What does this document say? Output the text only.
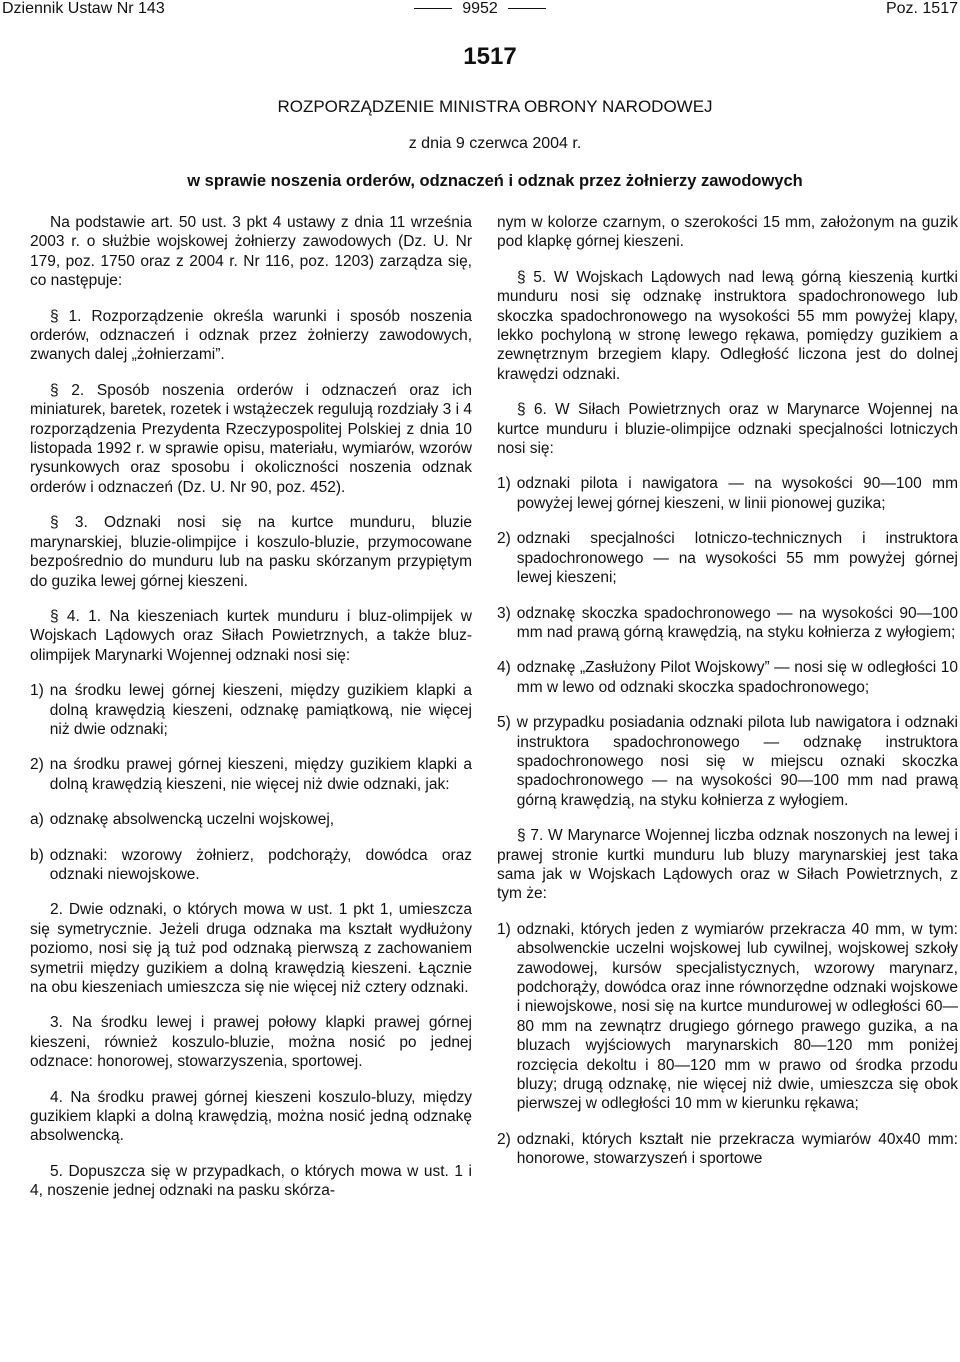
Dziennik Ustaw Nr 143	9952	Poz. 1517
1517
ROZPORZĄDZENIE MINISTRA OBRONY NARODOWEJ
z dnia 9 czerwca 2004 r.
w sprawie noszenia orderów, odznaczeń i odznak przez żołnierzy zawodowych

Na podstawie art. 50 ust. 3 pkt 4 ustawy z dnia 11 września 2003 r. o służbie wojskowej żołnierzy zawodowych (Dz. U. Nr 179, poz. 1750 oraz z 2004 r. Nr 116, poz. 1203) zarządza się, co następuje:

§ 1. Rozporządzenie określa warunki i sposób noszenia orderów, odznaczeń i odznak przez żołnierzy zawodowych, zwanych dalej „żołnierzami”.

§ 2. Sposób noszenia orderów i odznaczeń oraz ich miniaturek, baretek, rozetek i wstążeczek regulują rozdziały 3 i 4 rozporządzenia Prezydenta Rzeczypospolitej Polskiej z dnia 10 listopada 1992 r. w sprawie opisu, materiału, wymiarów, wzorów rysunkowych oraz sposobu i okoliczności noszenia odznak orderów i odznaczeń (Dz. U. Nr 90, poz. 452).

§ 3. Odznaki nosi się na kurtce munduru, bluzie marynarskiej, bluzie-olimpijce i koszulo-bluzie, przymocowane bezpośrednio do munduru lub na pasku skórzanym przypiętym do guzika lewej górnej kieszeni.

§ 4. 1. Na kieszeniach kurtek munduru i bluz-olimpijek w Wojskach Lądowych oraz Siłach Powietrznych, a także bluz-olimpijek Marynarki Wojennej odznaki nosi się:

1) na środku lewej górnej kieszeni, między guzikiem klapki a dolną krawędzią kieszeni, odznakę pamiątkową, nie więcej niż dwie odznaki;
2) na środku prawej górnej kieszeni, między guzikiem klapki a dolną krawędzią kieszeni, nie więcej niż dwie odznaki, jak:
a) odznakę absolwencką uczelni wojskowej,
b) odznaki: wzorowy żołnierz, podchorąży, dowódca oraz odznaki niewojskowe.

2. Dwie odznaki, o których mowa w ust. 1 pkt 1, umieszcza się symetrycznie. Jeżeli druga odznaka ma kształt wydłużony poziomo, nosi się ją tuż pod odznaką pierwszą z zachowaniem symetrii między guzikiem a dolną krawędzią kieszeni. Łącznie na obu kieszeniach umieszcza się nie więcej niż cztery odznaki.

3. Na środku lewej i prawej połowy klapki prawej górnej kieszeni, również koszulo-bluzie, można nosić po jednej odznace: honorowej, stowarzyszenia, sportowej.

4. Na środku prawej górnej kieszeni koszulo-bluzy, między guzikiem klapki a dolną krawędzią, można nosić jedną odznakę absolwencką.

5. Dopuszcza się w przypadkach, o których mowa w ust. 1 i 4, noszenie jednej odznaki na pasku skórza-

nym w kolorze czarnym, o szerokości 15 mm, założonym na guzik pod klapkę górnej kieszeni.

§ 5. W Wojskach Lądowych nad lewą górną kieszenią kurtki munduru nosi się odznakę instruktora spadochronowego lub skoczka spadochronowego na wysokości 55 mm powyżej klapy, lekko pochyloną w stronę lewego rękawa, pomiędzy guzikiem a zewnętrznym brzegiem klapy. Odległość liczona jest do dolnej krawędzi odznaki.

§ 6. W Siłach Powietrznych oraz w Marynarce Wojennej na kurtce munduru i bluzie-olimpijce odznaki specjalności lotniczych nosi się:

1) odznaki pilota i nawigatora — na wysokości 90—100 mm powyżej lewej górnej kieszeni, w linii pionowej guzika;
2) odznaki specjalności lotniczo-technicznych i instruktora spadochronowego — na wysokości 55 mm powyżej górnej lewej kieszeni;
3) odznakę skoczka spadochronowego — na wysokości 90—100 mm nad prawą górną krawędzią, na styku kołnierza z wyłogiem;
4) odznakę „Zasłużony Pilot Wojskowy” — nosi się w odległości 10 mm w lewo od odznaki skoczka spadochronowego;
5) w przypadku posiadania odznaki pilota lub nawigatora i odznaki instruktora spadochronowego — odznakę instruktora spadochronowego nosi się w miejscu oznaki skoczka spadochronowego — na wysokości 90—100 mm nad prawą górną krawędzią, na styku kołnierza z wyłogiem.

§ 7. W Marynarce Wojennej liczba odznak noszonych na lewej i prawej stronie kurtki munduru lub bluzy marynarskiej jest taka sama jak w Wojskach Lądowych oraz w Siłach Powietrznych, z tym że:

1) odznaki, których jeden z wymiarów przekracza 40 mm, w tym: absolwenckie uczelni wojskowej lub cywilnej, wojskowej szkoły zawodowej, kursów specjalistycznych, wzorowy marynarz, podchorąży, dowódca oraz inne równorzędne odznaki wojskowe i niewojskowe, nosi się na kurtce mundurowej w odległości 60—80 mm na zewnątrz drugiego górnego prawego guzika, a na bluzach wyjściowych marynarskich 80—120 mm poniżej rozcięcia dekoltu i 80—120 mm w prawo od środka przodu bluzy; drugą odznakę, nie więcej niż dwie, umieszcza się obok pierwszej w odległości 10 mm w kierunku rękawa;
2) odznaki, których kształt nie przekracza wymiarów 40x40 mm: honorowe, stowarzyszeń i sportowe
